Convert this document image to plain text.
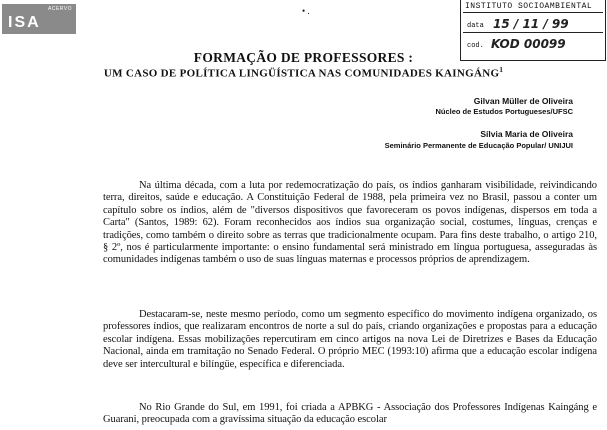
ACERVO
ISA
• .	INSTITUTO SOCIOAMBIENTAL
data 15 / 11 / 99
cod. KOD 00099
FORMAÇÃO DE PROFESSORES :
UM CASO DE POLÍTICA LINGÜÍSTICA NAS COMUNIDADES KAINGÁNG$^1$
Gilvan Müller de Oliveira
Núcleo de Estudos Portugueses/UFSC
Sílvia Maria de Oliveira
Seminário Permanente de Educação Popular/ UNIJUI

Na última década, com a luta por redemocratização do país, os índios ganharam visibilidade, reivindicando terra, direitos, saúde e educação. A Constituição Federal de 1988, pela primeira vez no Brasil, passou a conter um capítulo sobre os índios, além de "diversos dispositivos que favoreceram os povos indígenas, dispersos em toda a Carta" (Santos, 1989: 62). Foram reconhecidos aos índios sua organização social, costumes, línguas, crenças e tradições, como também o direito sobre as terras que tradicionalmente ocupam. Para fins deste trabalho, o artigo 210, § 2º, nos é particularmente importante: o ensino fundamental será ministrado em língua portuguesa, asseguradas às comunidades indígenas também o uso de suas línguas maternas e processos próprios de aprendizagem.

Destacaram-se, neste mesmo período, como um segmento específico do movimento indígena organizado, os professores índios, que realizaram encontros de norte a sul do país, criando organizações e propostas para a educação escolar indígena. Essas mobilizações repercutiram em cinco artigos na nova Lei de Diretrizes e Bases da Educação Nacional, ainda em tramitação no Senado Federal. O próprio MEC (1993:10) afirma que a educação escolar indígena deve ser intercultural e bilíngüe, específica e diferenciada.

No Rio Grande do Sul, em 1991, foi criada a APBKG - Associação dos Professores Indígenas Kaingáng e Guarani, preocupada com a gravíssima situação da educação escolar
